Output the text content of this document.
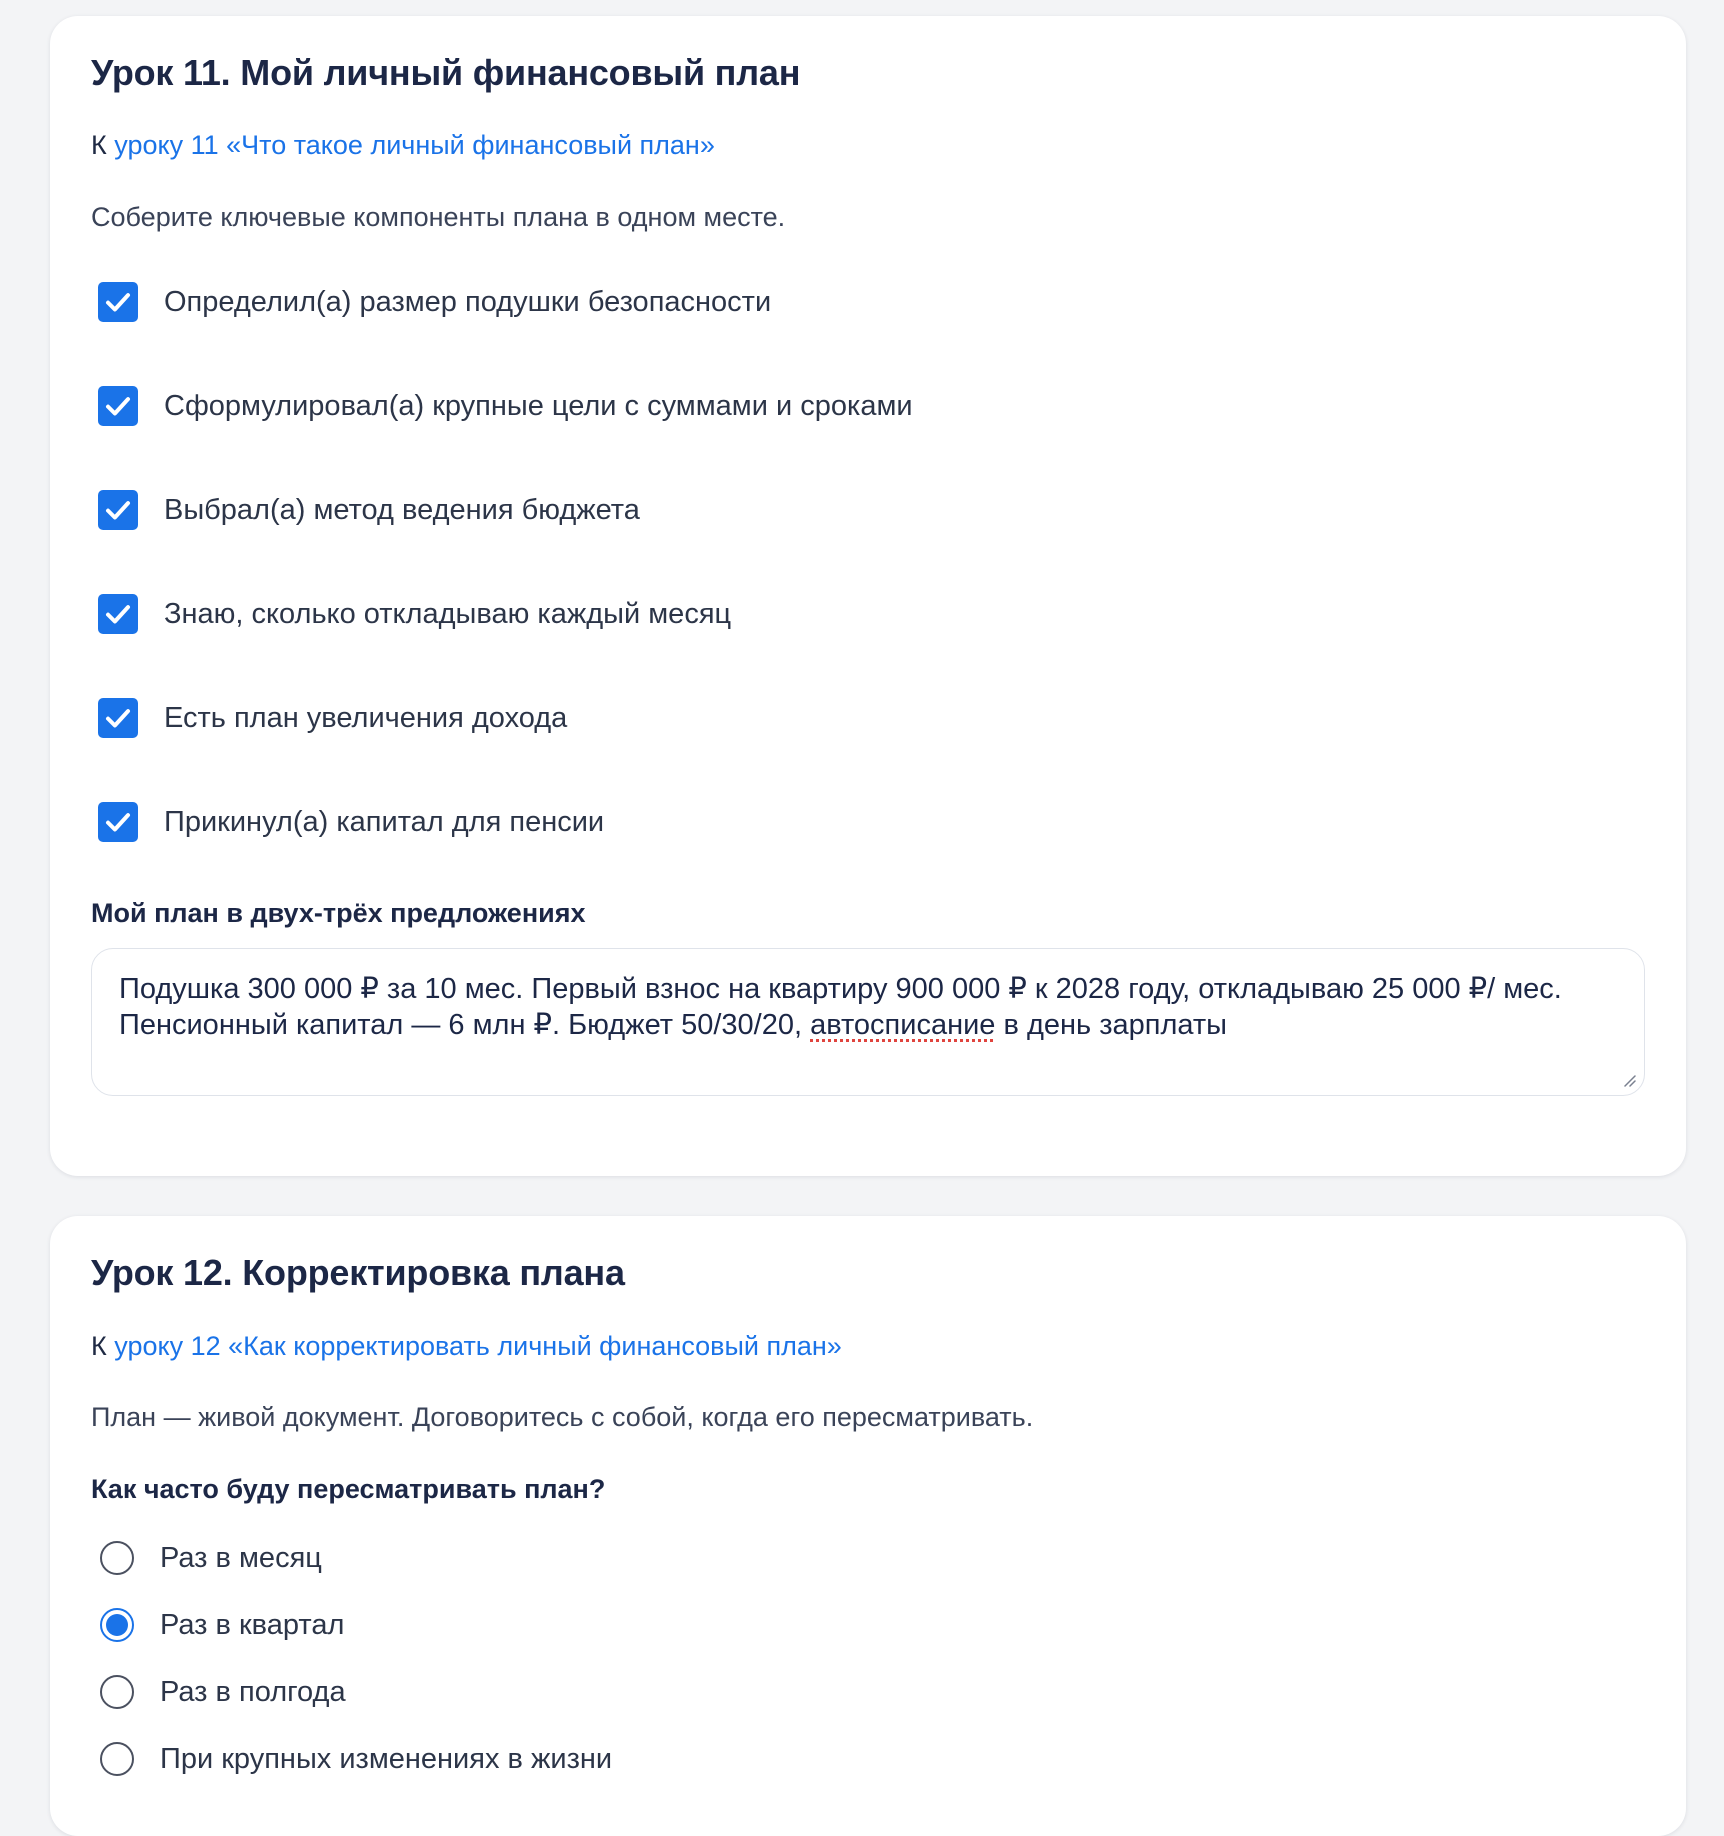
Урок 11. Мой личный финансовый план
К уроку 11 «Что такое личный финансовый план»
Соберите ключевые компоненты плана в одном месте.
Определил(а) размер подушки безопасности
Сформулировал(а) крупные цели с суммами и сроками
Выбрал(а) метод ведения бюджета
Знаю, сколько откладываю каждый месяц
Есть план увеличения дохода
Прикинул(а) капитал для пенсии
Мой план в двух-трёх предложениях
Подушка 300 000 ₽ за 10 мес. Первый взнос на квартиру 900 000 ₽ к 2028 году, откладываю 25 000 ₽/ мес. Пенсионный капитал — 6 млн ₽. Бюджет 50/30/20, автосписание в день зарплаты
Урок 12. Корректировка плана
К уроку 12 «Как корректировать личный финансовый план»
План — живой документ. Договоритесь с собой, когда его пересматривать.
Как часто буду пересматривать план?
Раз в месяц
Раз в квартал
Раз в полгода
При крупных изменениях в жизни
